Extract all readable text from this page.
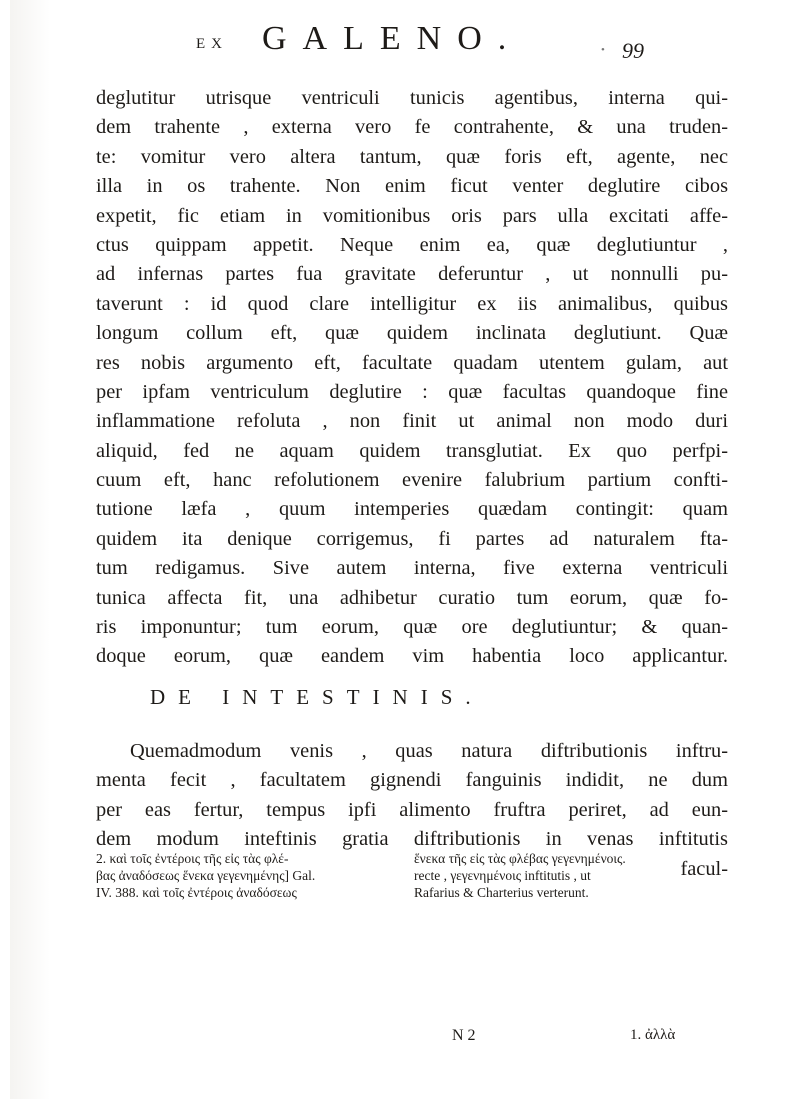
EX GALENO.	• 99
deglutitur utrisque ventriculi tunicis agentibus, interna qui-
dem trahente , externa vero fe contrahente, & una truden-
te: vomitur vero altera tantum, quæ foris eft, agente, nec
illa in os trahente. Non enim ficut venter deglutire cibos
expetit, fic etiam in vomitionibus oris pars ulla excitati affe-
ctus quippam appetit. Neque enim ea, quæ deglutiuntur ,
ad infernas partes fua gravitate deferuntur , ut nonnulli pu-
taverunt : id quod clare intelligitur ex iis animalibus, quibus
longum collum eft, quæ quidem inclinata deglutiunt. Quæ
res nobis argumento eft, facultate quadam utentem gulam, aut
per ipfam ventriculum deglutire : quæ facultas quandoque fine
inflammatione refoluta , non finit ut animal non modo duri
aliquid, fed ne aquam quidem transglutiat. Ex quo perfpi-
cuum eft, hanc refolutionem evenire falubrium partium confti-
tutione læfa , quum intemperies quædam contingit: quam
quidem ita denique corrigemus, fi partes ad naturalem fta-
tum redigamus. Sive autem interna, five externa ventriculi
tunica affecta fit, una adhibetur curatio tum eorum, quæ fo-
ris imponuntur; tum eorum, quæ ore deglutiuntur; & quan-
doque eorum, quæ eandem vim habentia loco applicantur.
DE INTESTINIS.
Quemadmodum venis , quas natura diftributionis inftru-
menta fecit , facultatem gignendi fanguinis indidit, ne dum
per eas fertur, tempus ipfi alimento fruftra periret, ad eun-
dem modum inteftinis gratia diftributionis in venas inftitutis
facul-
2. καὶ τοῖς ἐντέροις τῆς εἰς τὰς φλέ-
βας ἀναδόσεως ἕνεκα γεγενημένης] Gal.
IV. 388. καὶ τοῖς ἐντέροις ἀναδόσεως
ἕνεκα τῆς εἰς τὰς φλέβας γεγενημένοις.
recte , γεγενημένοις inftitutis , ut
Rafarius & Charterius verterunt.
N 2	1. ἀλλὰ
